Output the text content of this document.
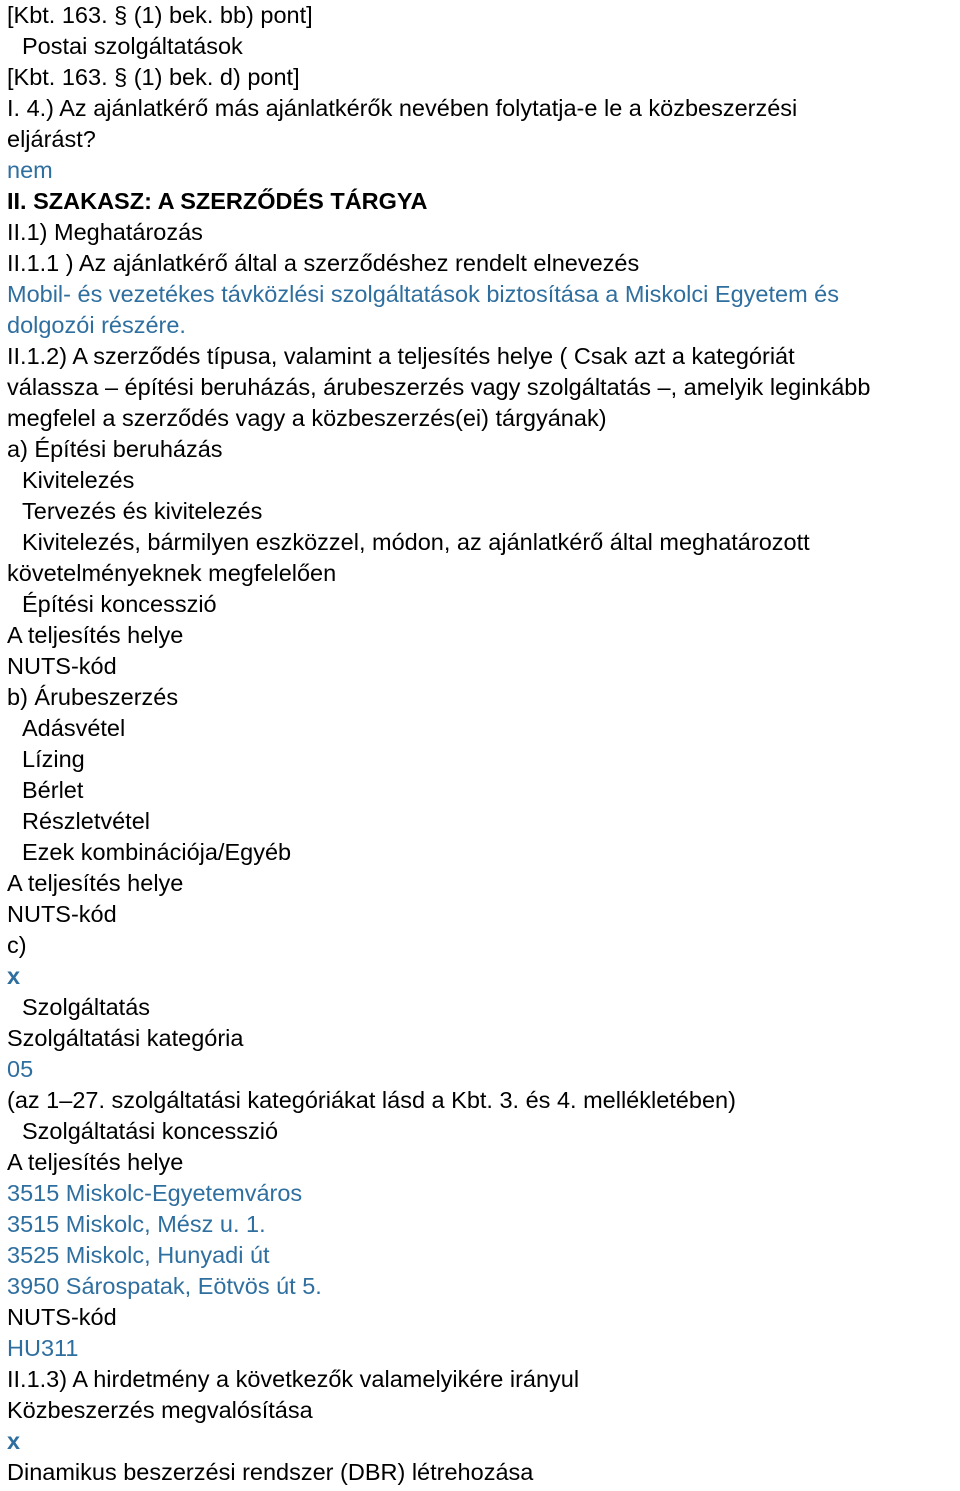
[Kbt. 163. § (1) bek. bb) pont]
Postai szolgáltatások
[Kbt. 163. § (1) bek. d) pont]
I. 4.) Az ajánlatkérő más ajánlatkérők nevében folytatja-e le a közbeszerzési
eljárást?
nem
II. SZAKASZ: A SZERZŐDÉS TÁRGYA
II.1) Meghatározás
II.1.1 ) Az ajánlatkérő által a szerződéshez rendelt elnevezés
Mobil- és vezetékes távközlési szolgáltatások biztosítása a Miskolci Egyetem és
dolgozói részére.
II.1.2) A szerződés típusa, valamint a teljesítés helye ( Csak azt a kategóriát
válassza – építési beruházás, árubeszerzés vagy szolgáltatás –, amelyik leginkább
megfelel a szerződés vagy a közbeszerzés(ei) tárgyának)
a) Építési beruházás
Kivitelezés
Tervezés és kivitelezés
Kivitelezés, bármilyen eszközzel, módon, az ajánlatkérő által meghatározott
követelményeknek megfelelően
Építési koncesszió
A teljesítés helye
NUTS-kód
b) Árubeszerzés
Adásvétel
Lízing
Bérlet
Részletvétel
Ezek kombinációja/Egyéb
A teljesítés helye
NUTS-kód
c)
x
Szolgáltatás
Szolgáltatási kategória
05
(az 1–27. szolgáltatási kategóriákat lásd a Kbt. 3. és 4. mellékletében)
Szolgáltatási koncesszió
A teljesítés helye
3515 Miskolc-Egyetemváros
3515 Miskolc, Mész u. 1.
3525 Miskolc, Hunyadi út
3950 Sárospatak, Eötvös út 5.
NUTS-kód
HU311
II.1.3) A hirdetmény a következők valamelyikére irányul
Közbeszerzés megvalósítása
x
Dinamikus beszerzési rendszer (DBR) létrehozása
